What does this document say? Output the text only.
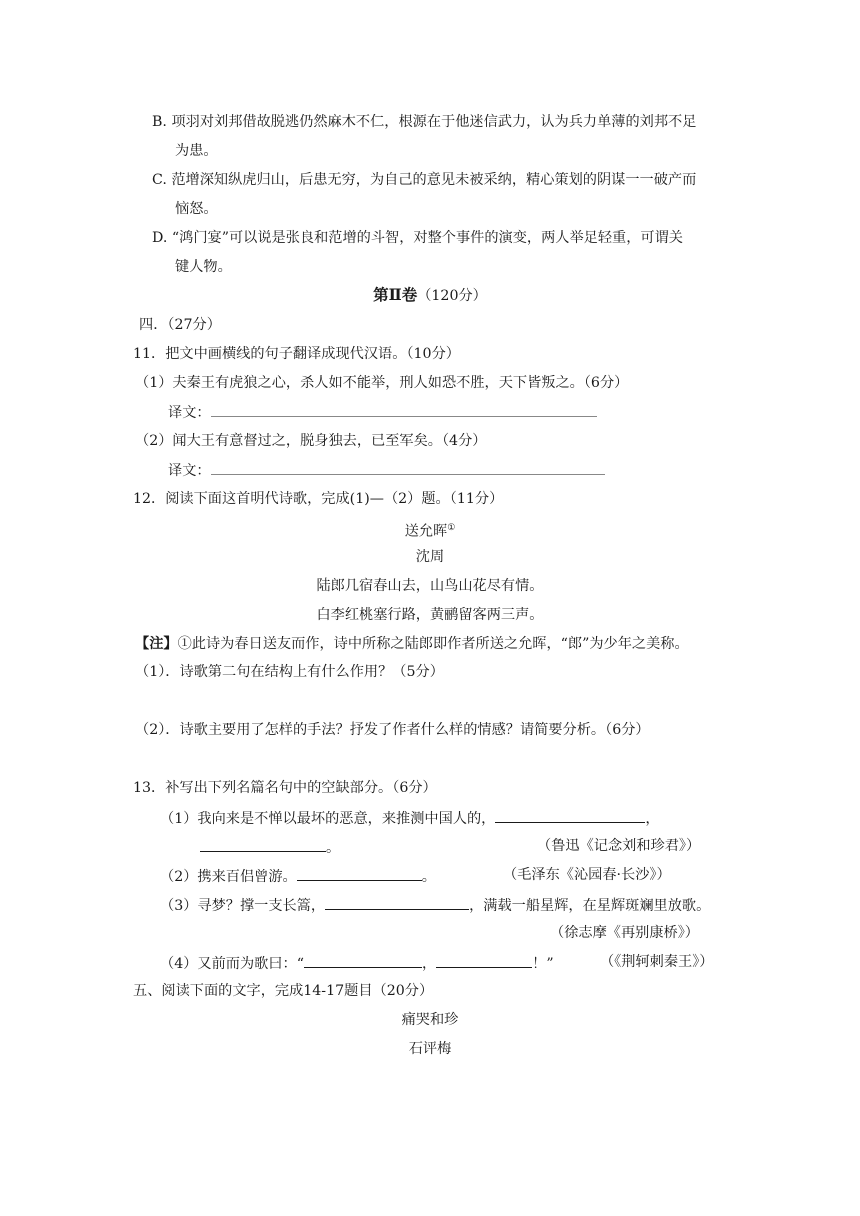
B. 项羽对刘邦借故脱逃仍然麻木不仁，根源在于他迷信武力，认为兵力单薄的刘邦不足
为患。
C. 范增深知纵虎归山，后患无穷，为自己的意见未被采纳，精心策划的阴谋一一破产而
恼怒。
D. “鸿门宴”可以说是张良和范增的斗智，对整个事件的演变，两人举足轻重，可谓关
键人物。
第Ⅱ卷（120分）
四．（27分）
11．把文中画横线的句子翻译成现代汉语。（10分）
（1）夫秦王有虎狼之心，杀人如不能举，刑人如恐不胜，天下皆叛之。（6分）
译文：
（2）闻大王有意督过之，脱身独去，已至军矣。（4分）
译文：
12．阅读下面这首明代诗歌，完成(1)—（2）题。（11分）
送允晖①
沈周
陆郎几宿春山去，山鸟山花尽有情。
白李红桃塞行路，黄鹂留客两三声。
【注】①此诗为春日送友而作，诗中所称之陆郎即作者所送之允晖，“郎”为少年之美称。
（1）．诗歌第二句在结构上有什么作用？（5分）
（2）．诗歌主要用了怎样的手法？抒发了作者什么样的情感？请简要分析。（6分）
13．补写出下列名篇名句中的空缺部分。（6分）
（1）我向来是不惮以最坏的恶意，来推测中国人的，	，
。	（鲁迅《记念刘和珍君》）
（2）携来百侣曾游。	。	（毛泽东《沁园春·长沙》）
（3）寻梦？撑一支长篙，	，满载一船星辉，在星辉斑斓里放歌。
（徐志摩《再别康桥》）
（4）又前而为歌曰：“	，	！”	（《荆轲刺秦王》）
五、阅读下面的文字，完成14-17题目（20分）
痛哭和珍
石评梅
